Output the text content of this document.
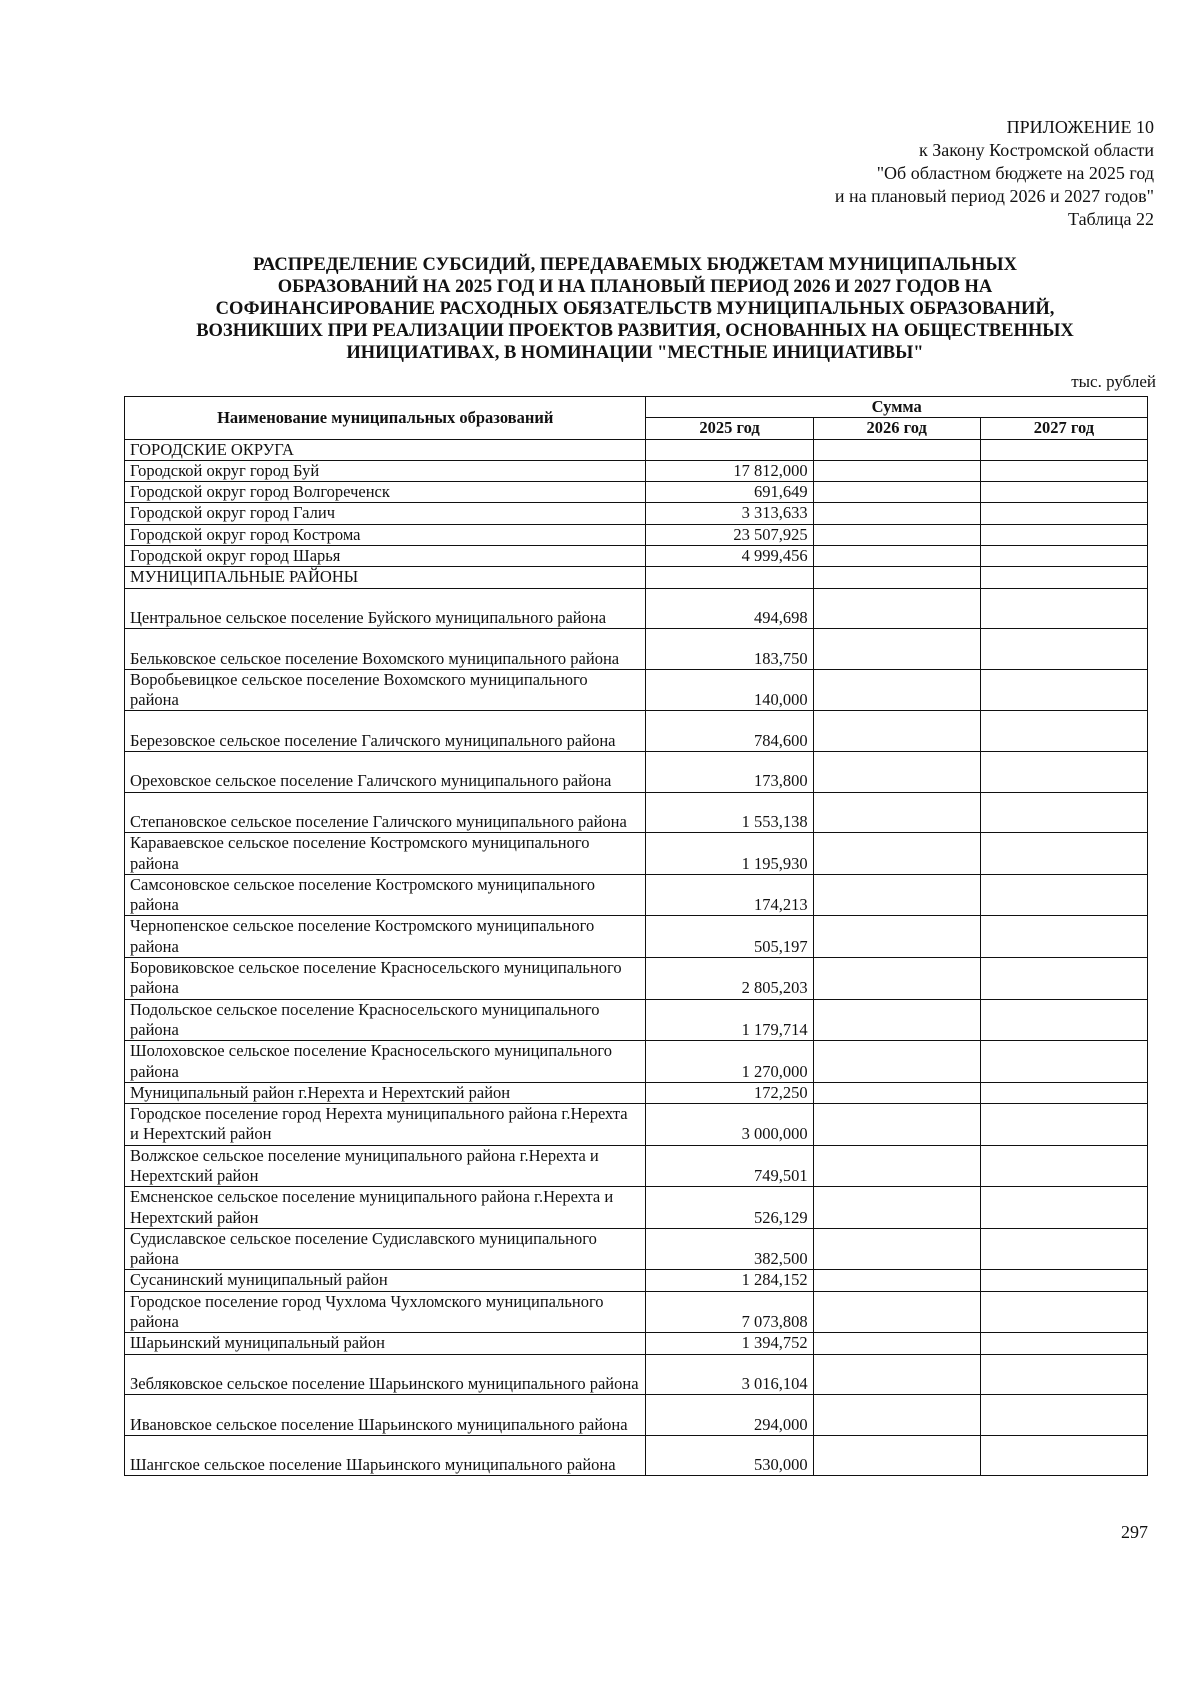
ПРИЛОЖЕНИЕ 10
к Закону Костромской области
"Об областном бюджете на 2025 год
и на плановый период 2026 и 2027 годов"
Таблица 22
РАСПРЕДЕЛЕНИЕ СУБСИДИЙ, ПЕРЕДАВАЕМЫХ БЮДЖЕТАМ МУНИЦИПАЛЬНЫХ
ОБРАЗОВАНИЙ НА 2025 ГОД И НА ПЛАНОВЫЙ ПЕРИОД 2026 И 2027 ГОДОВ НА
СОФИНАНСИРОВАНИЕ РАСХОДНЫХ ОБЯЗАТЕЛЬСТВ МУНИЦИПАЛЬНЫХ ОБРАЗОВАНИЙ,
ВОЗНИКШИХ ПРИ РЕАЛИЗАЦИИ ПРОЕКТОВ РАЗВИТИЯ, ОСНОВАННЫХ НА ОБЩЕСТВЕННЫХ
ИНИЦИАТИВАХ, В НОМИНАЦИИ "МЕСТНЫЕ ИНИЦИАТИВЫ"
тыс. рублей
Наименование муниципальных образований	Сумма		
	2025 год	2026 год	2027 год
ГОРОДСКИЕ ОКРУГА			
Городской округ город Буй	17 812,000		
Городской округ город Волгореченск	691,649		
Городской округ город Галич	3 313,633		
Городской округ город Кострома	23 507,925		
Городской округ город Шарья	4 999,456		
МУНИЦИПАЛЬНЫЕ РАЙОНЫ			
Центральное сельское поселение Буйского муниципального района	494,698		
Бельковское сельское поселение Вохомского муниципального района	183,750		
Воробьевицкое сельское поселение Вохомского муниципального района	140,000		
Березовское сельское поселение Галичского муниципального района	784,600		
Ореховское сельское поселение Галичского муниципального района	173,800		
Степановское сельское поселение Галичского муниципального района	1 553,138		
Караваевское сельское поселение Костромского муниципального района	1 195,930		
Самсоновское сельское поселение Костромского муниципального района	174,213		
Чернопенское сельское поселение Костромского муниципального района	505,197		
Боровиковское сельское поселение Красносельского муниципального района	2 805,203		
Подольское сельское поселение Красносельского муниципального района	1 179,714		
Шолоховское сельское поселение Красносельского муниципального района	1 270,000		
Муниципальный район г.Нерехта и Нерехтский район	172,250		
Городское поселение город Нерехта муниципального района г.Нерехта и Нерехтский район	3 000,000		
Волжское сельское поселение муниципального района г.Нерехта и Нерехтский район	749,501		
Емсненское сельское поселение муниципального района г.Нерехта и Нерехтский район	526,129		
Судиславское сельское поселение Судиславского муниципального района	382,500		
Сусанинский муниципальный район	1 284,152		
Городское поселение город Чухлома Чухломского муниципального района	7 073,808		
Шарьинский муниципальный район	1 394,752		
Зебляковское сельское поселение Шарьинского муниципального района	3 016,104		
Ивановское сельское поселение Шарьинского муниципального района	294,000		
Шангское сельское поселение Шарьинского муниципального района	530,000		
297
